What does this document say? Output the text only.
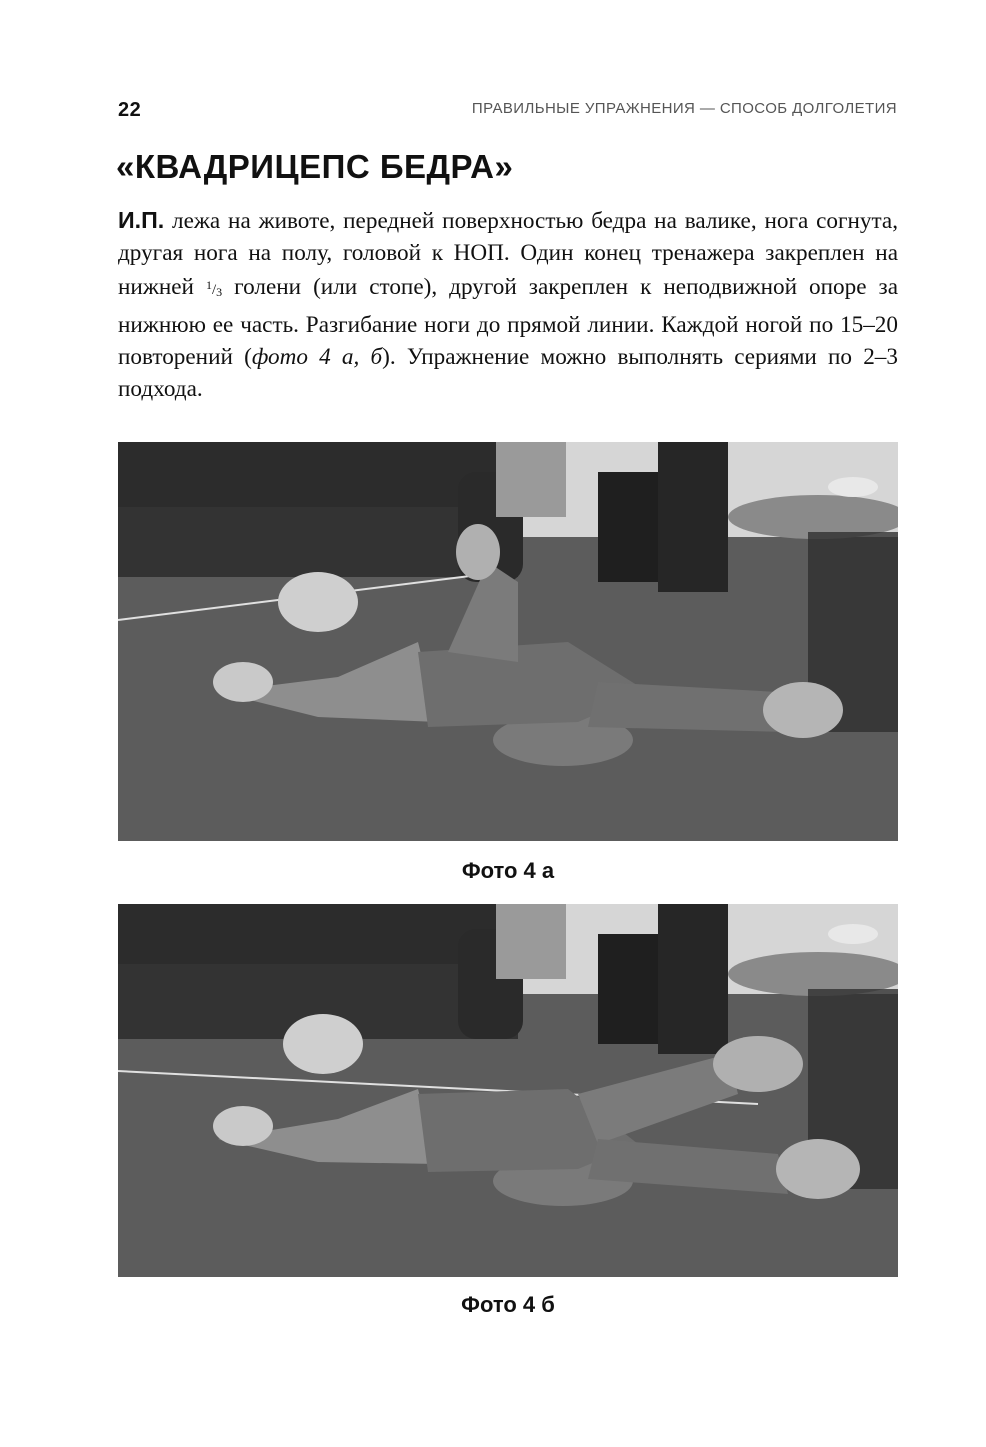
22	ПРАВИЛЬНЫЕ УПРАЖНЕНИЯ — СПОСОБ ДОЛГОЛЕТИЯ
«КВАДРИЦЕПС БЕДРА»

И.П. лежа на животе, передней поверхностью бедра на валике, нога согнута, другая нога на полу, головой к НОП. Один конец тренажера закреплен на нижней $^1/_3$ голени (или стопе), другой закреплен к неподвижной опоре за нижнюю ее часть. Разгибание ноги до прямой линии. Каждой ногой по 15–20 повторений (фото 4 а, б). Упражнение можно выполнять сериями по 2–3 подхода.

Фото 4 а
Фото 4 б
